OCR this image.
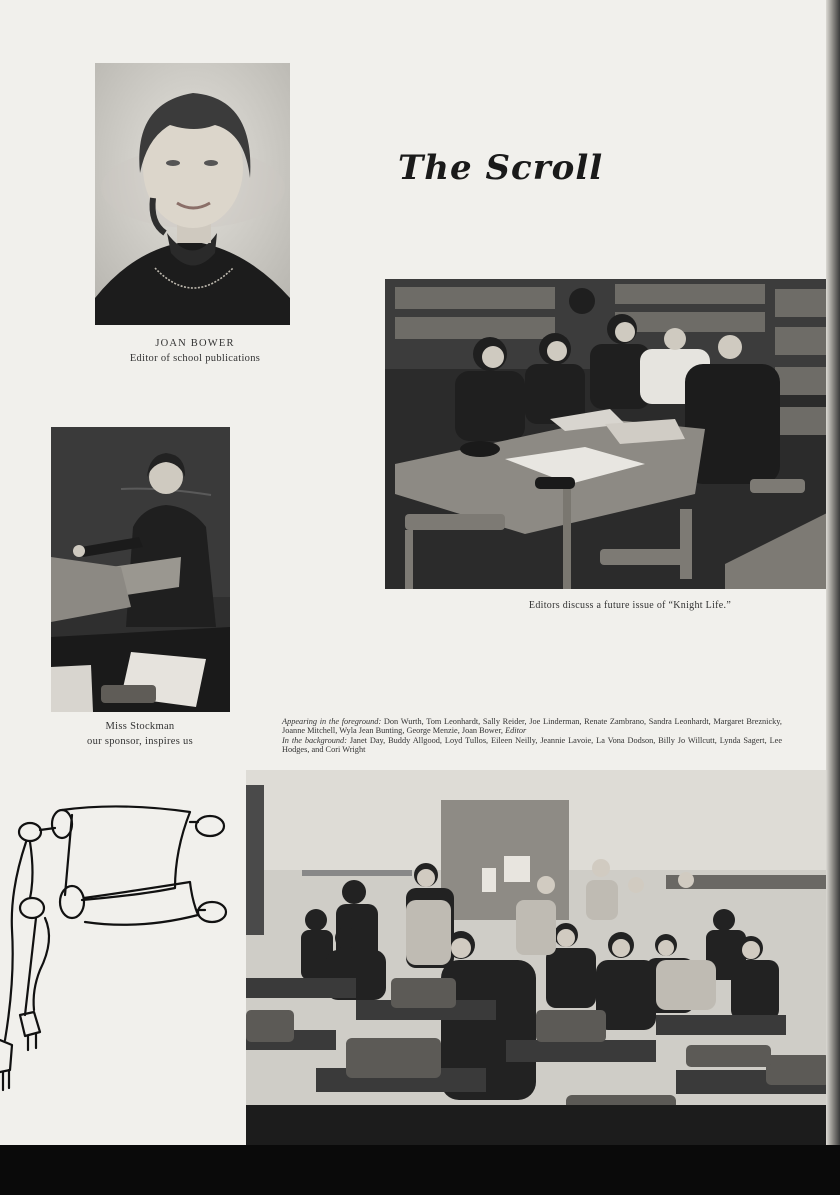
JOAN BOWER
Editor of school publications
The Scroll
Editors discuss a future issue of “Knight Life.”
Miss Stockman
our sponsor, inspires us

Appearing in the foreground: Don Wurth, Tom Leonhardt, Sally Reider, Joe Linderman, Renate Zambrano, Sandra Leonhardt, Margaret Breznicky, Joanne Mitchell, Wyla Jean Bunting, George Menzie, Joan Bower, Editor

In the background: Janet Day, Buddy Allgood, Loyd Tullos, Eileen Neilly, Jeannie Lavoie, La Vona Dodson, Billy Jo Willcutt, Lynda Sagert, Lee Hodges, and Cori Wright
